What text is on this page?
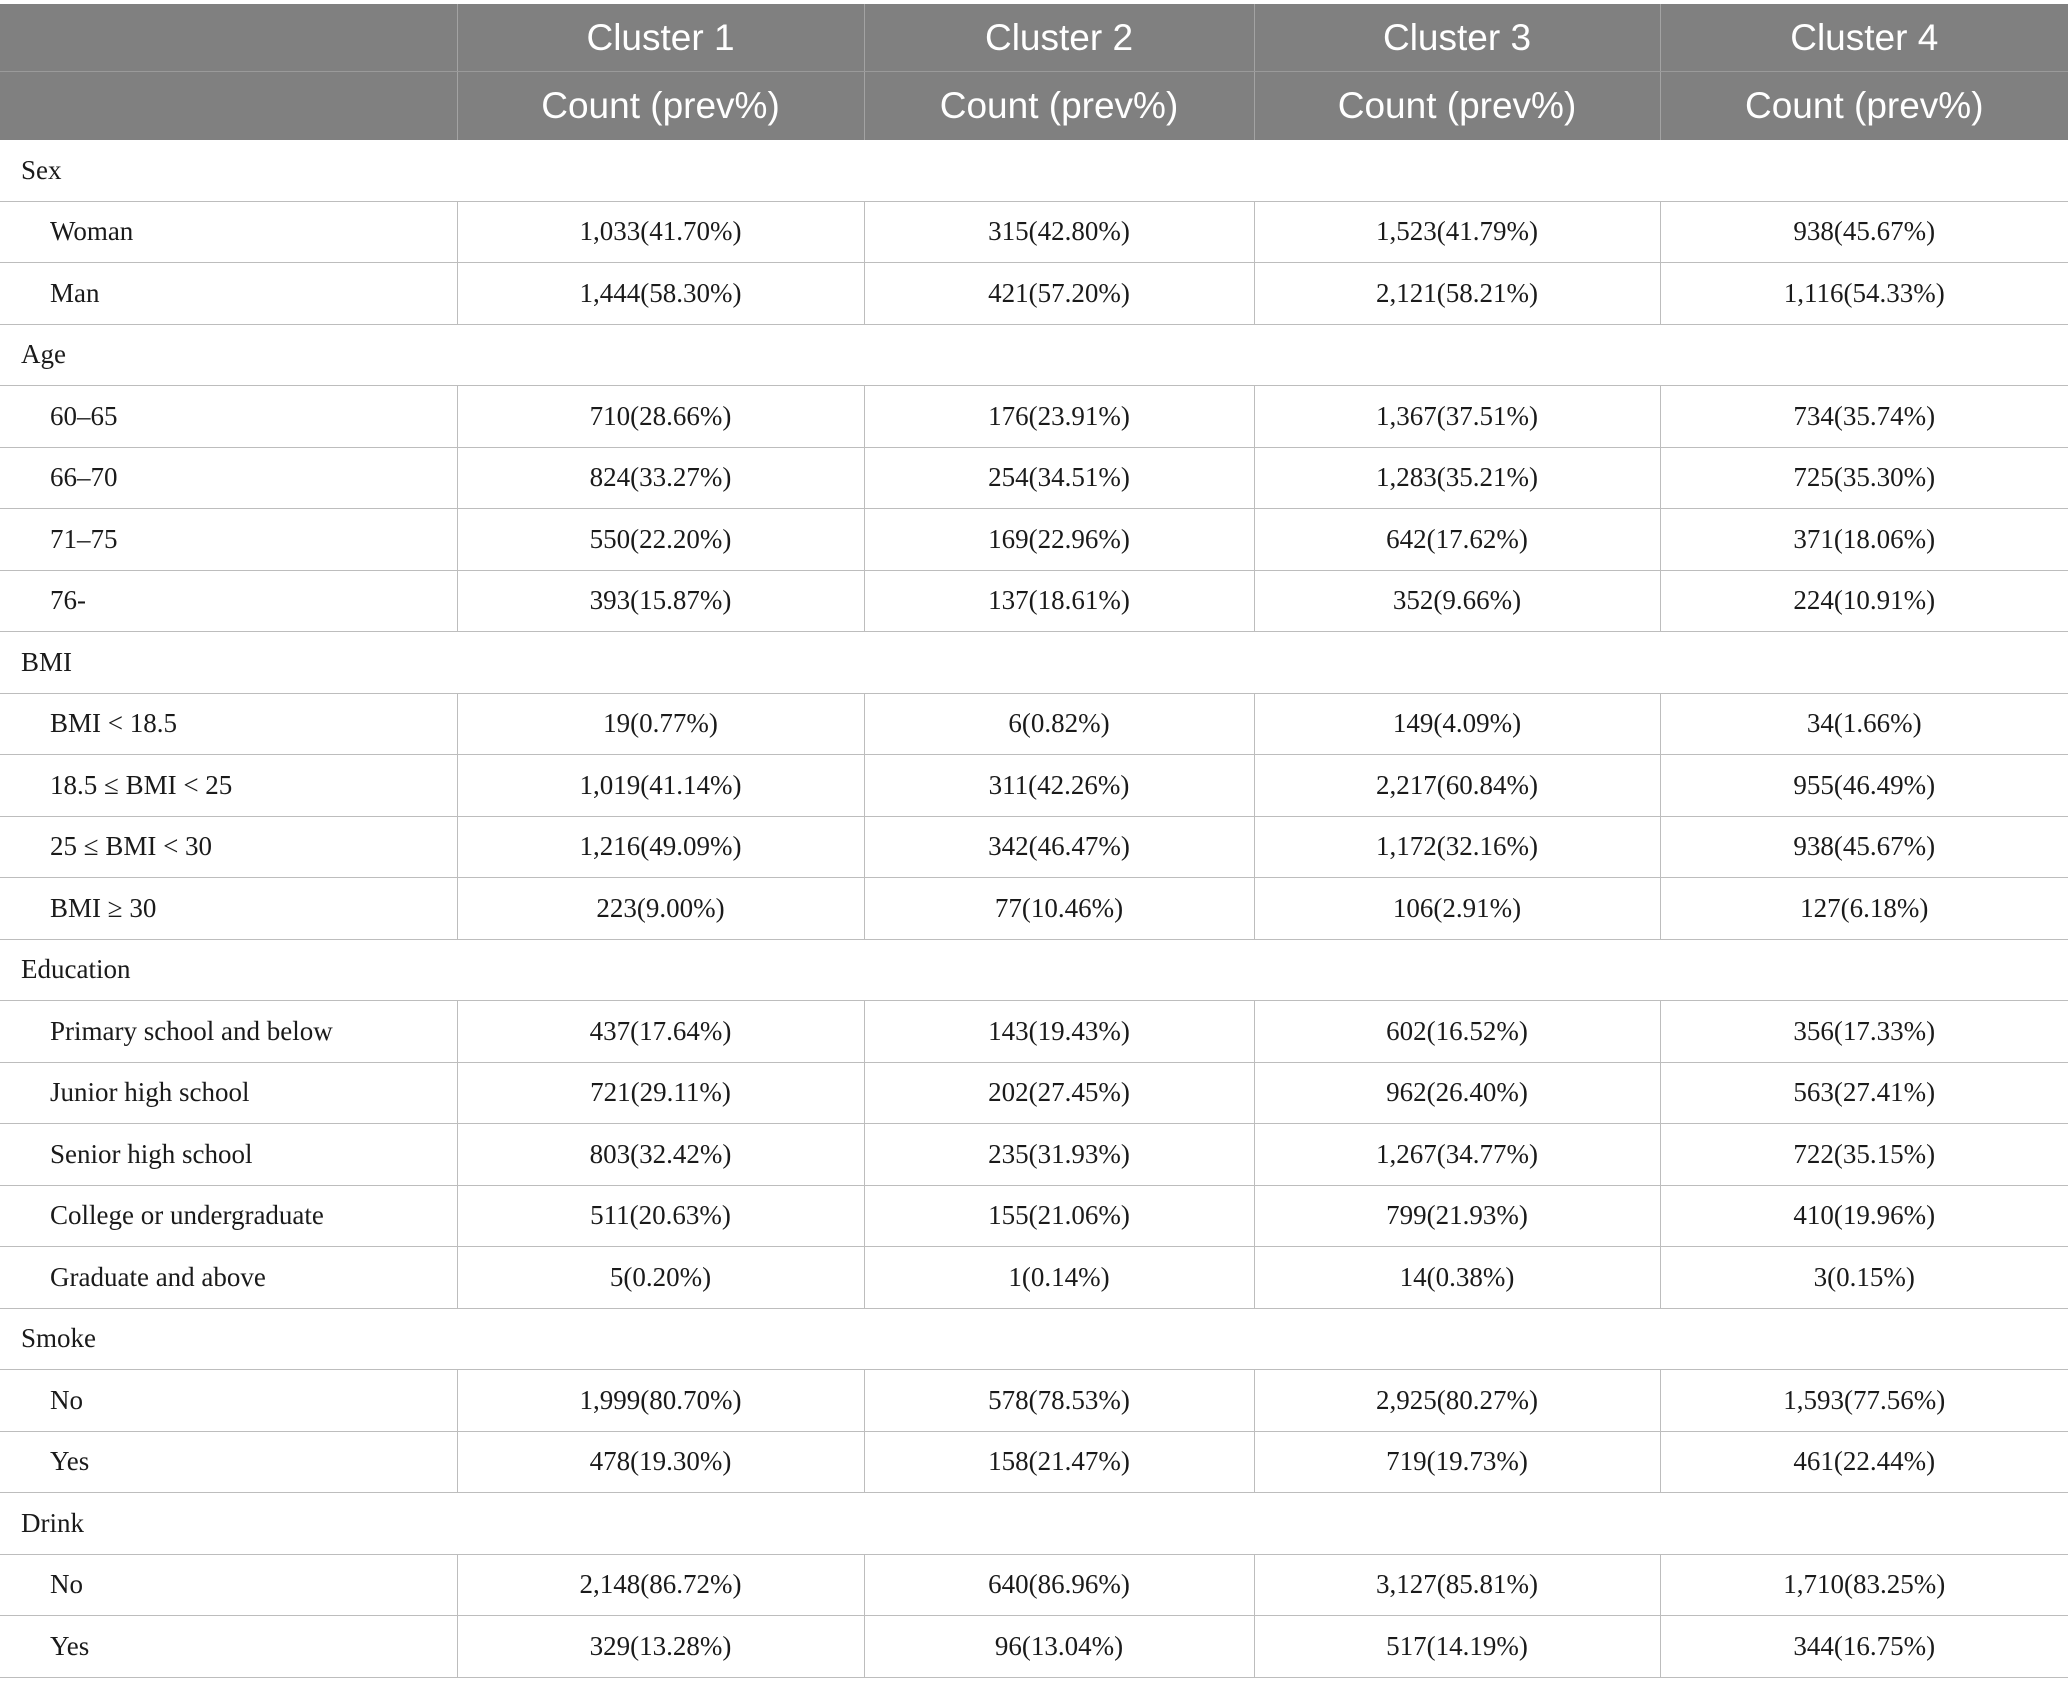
	Cluster 1	Cluster 2	Cluster 3	Cluster 4
	Count (prev%)	Count (prev%)	Count (prev%)	Count (prev%)
Sex				
Woman	1,033(41.70%)	315(42.80%)	1,523(41.79%)	938(45.67%)
Man	1,444(58.30%)	421(57.20%)	2,121(58.21%)	1,116(54.33%)
Age				
60–65	710(28.66%)	176(23.91%)	1,367(37.51%)	734(35.74%)
66–70	824(33.27%)	254(34.51%)	1,283(35.21%)	725(35.30%)
71–75	550(22.20%)	169(22.96%)	642(17.62%)	371(18.06%)
76-	393(15.87%)	137(18.61%)	352(9.66%)	224(10.91%)
BMI				
BMI < 18.5	19(0.77%)	6(0.82%)	149(4.09%)	34(1.66%)
18.5 ≤ BMI < 25	1,019(41.14%)	311(42.26%)	2,217(60.84%)	955(46.49%)
25 ≤ BMI < 30	1,216(49.09%)	342(46.47%)	1,172(32.16%)	938(45.67%)
BMI ≥ 30	223(9.00%)	77(10.46%)	106(2.91%)	127(6.18%)
Education				
Primary school and below	437(17.64%)	143(19.43%)	602(16.52%)	356(17.33%)
Junior high school	721(29.11%)	202(27.45%)	962(26.40%)	563(27.41%)
Senior high school	803(32.42%)	235(31.93%)	1,267(34.77%)	722(35.15%)
College or undergraduate	511(20.63%)	155(21.06%)	799(21.93%)	410(19.96%)
Graduate and above	5(0.20%)	1(0.14%)	14(0.38%)	3(0.15%)
Smoke				
No	1,999(80.70%)	578(78.53%)	2,925(80.27%)	1,593(77.56%)
Yes	478(19.30%)	158(21.47%)	719(19.73%)	461(22.44%)
Drink				
No	2,148(86.72%)	640(86.96%)	3,127(85.81%)	1,710(83.25%)
Yes	329(13.28%)	96(13.04%)	517(14.19%)	344(16.75%)
